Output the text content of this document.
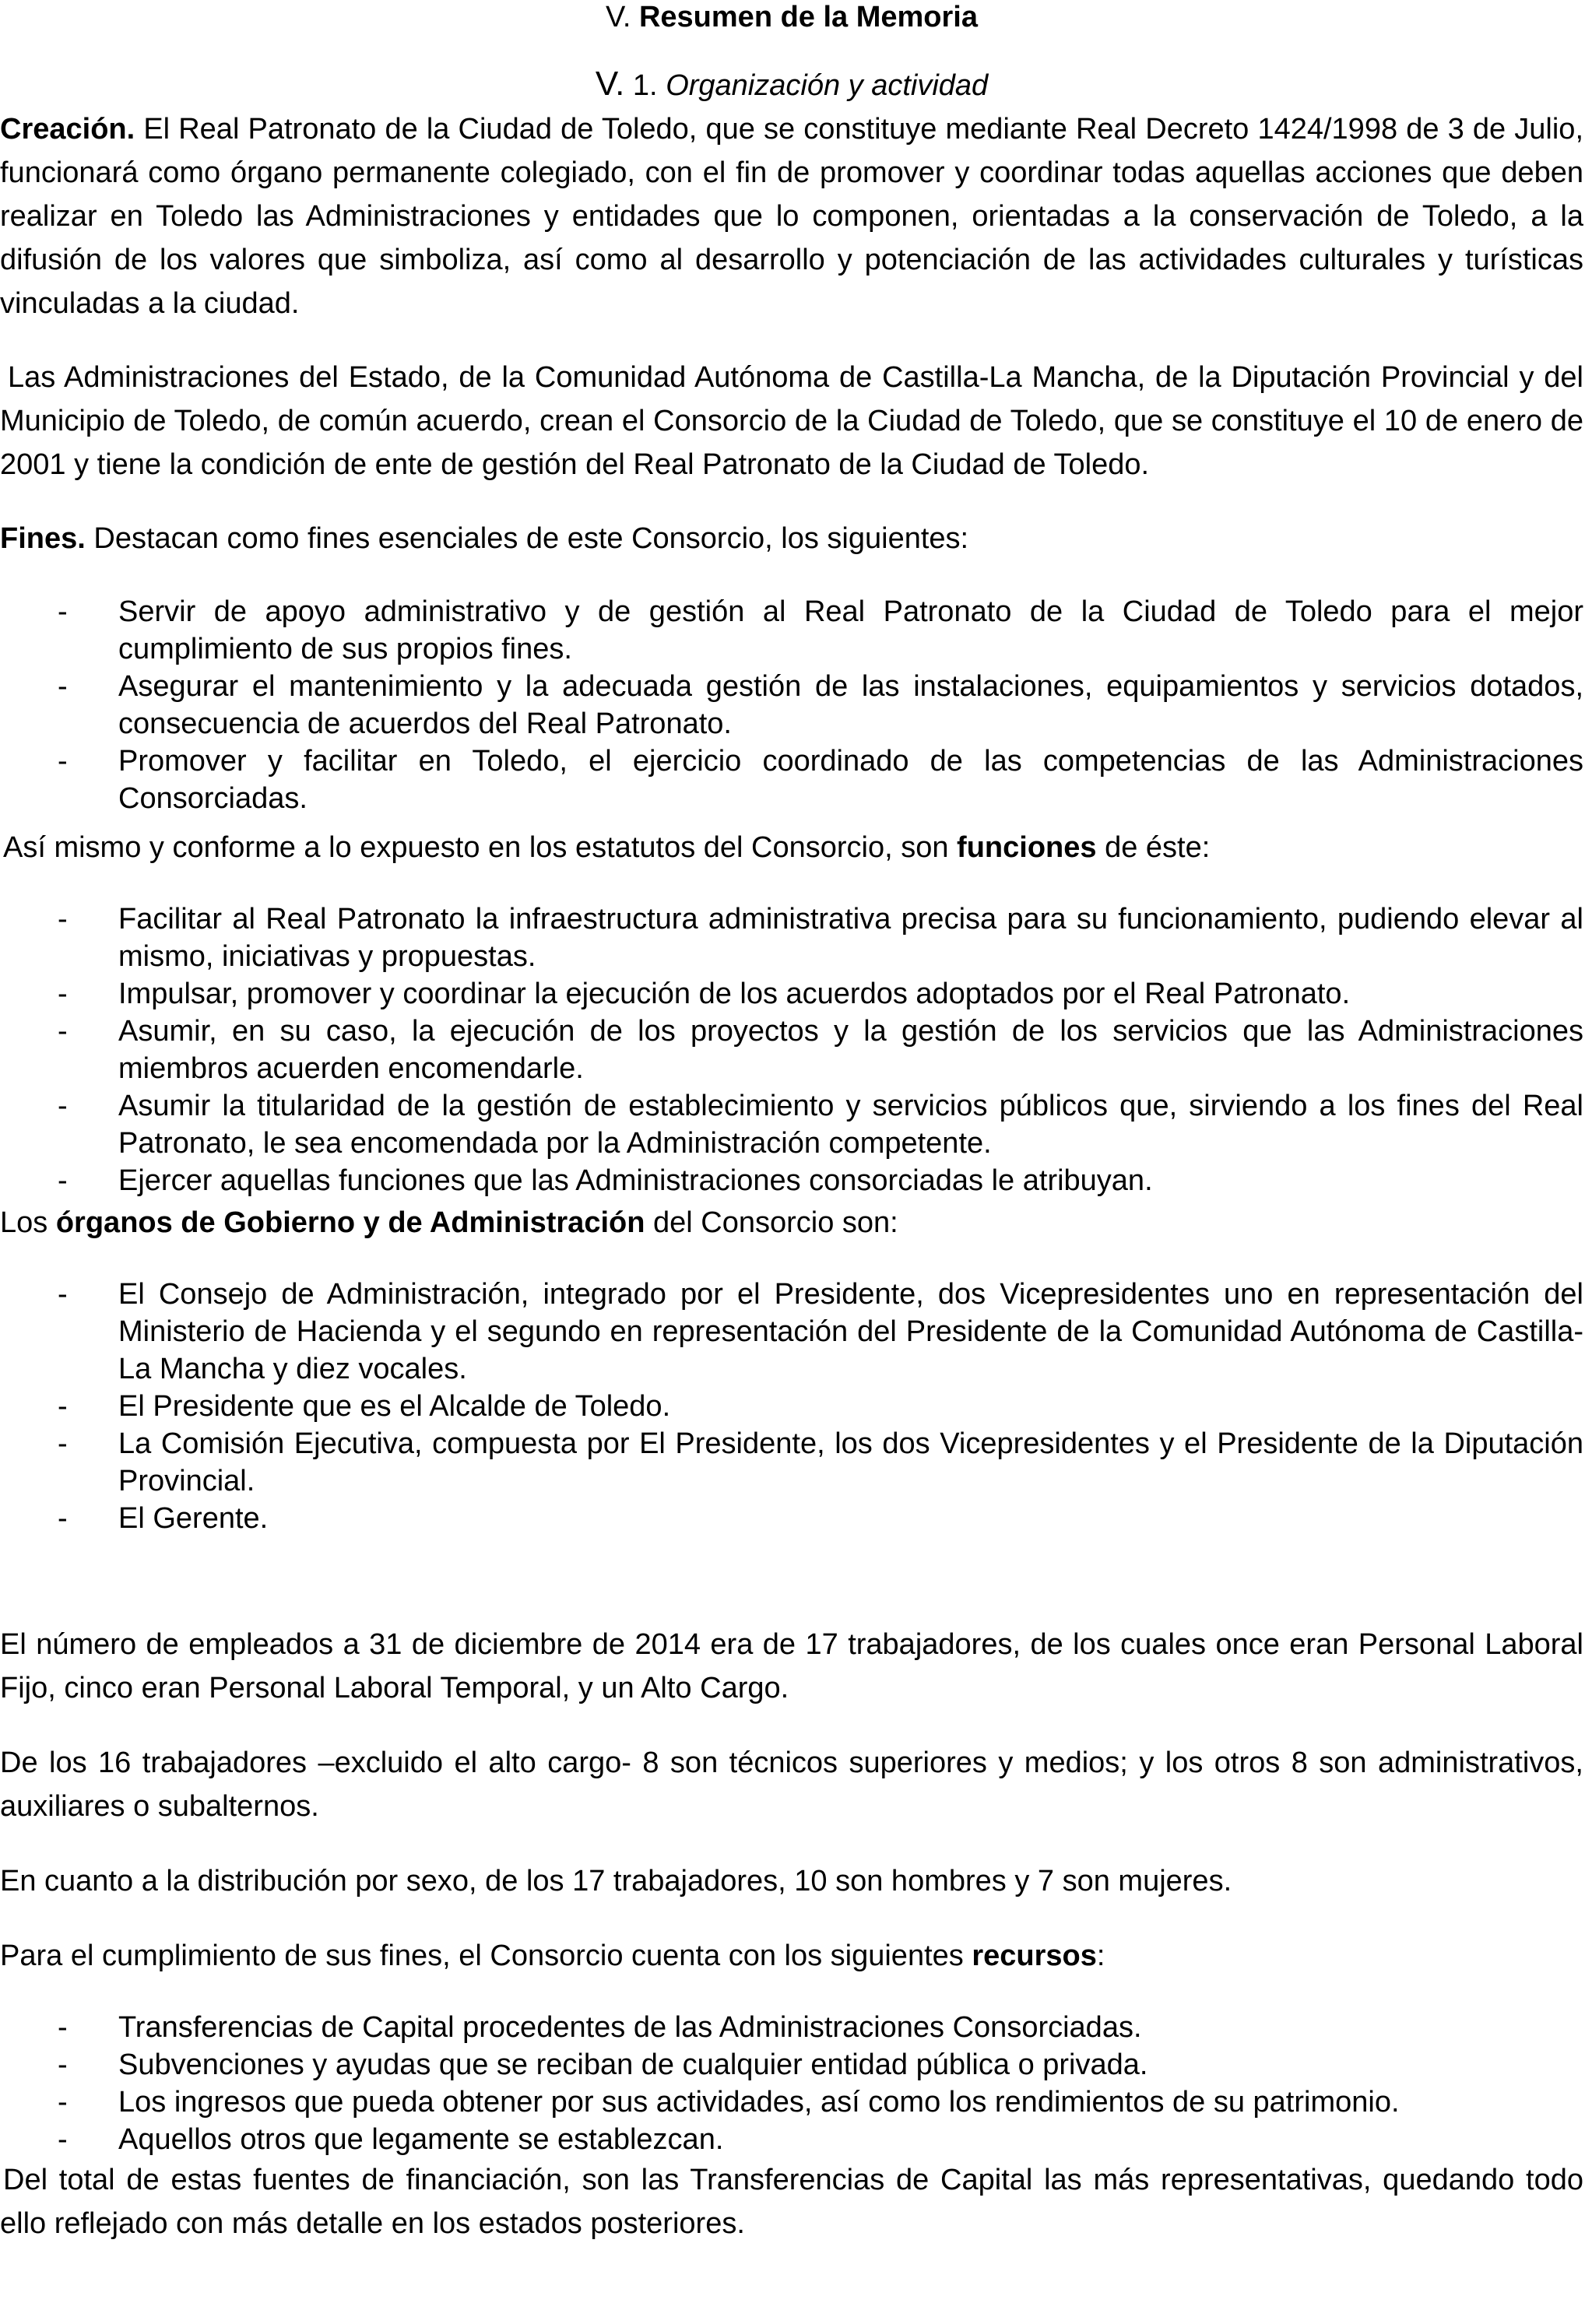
V. Resumen de la Memoria
V. 1. Organización y actividad

Creación. El Real Patronato de la Ciudad de Toledo, que se constituye mediante Real Decreto 1424/1998 de 3 de Julio, funcionará como órgano permanente colegiado, con el fin de promover y coordinar todas aquellas acciones que deben realizar en Toledo las Administraciones y entidades que lo componen, orientadas a la conservación de Toledo, a la difusión de los valores que simboliza, así como al desarrollo y potenciación de las actividades culturales y turísticas vinculadas a la ciudad.

Las Administraciones del Estado, de la Comunidad Autónoma de Castilla-La Mancha, de la Diputación Provincial y del Municipio de Toledo, de común acuerdo, crean el Consorcio de la Ciudad de Toledo, que se constituye el 10 de enero de 2001 y tiene la condición de ente de gestión del Real Patronato de la Ciudad de Toledo.

Fines. Destacan como fines esenciales de este Consorcio, los siguientes:

- Servir de apoyo administrativo y de gestión al Real Patronato de la Ciudad de Toledo para el mejor cumplimiento de sus propios fines.
- Asegurar el mantenimiento y la adecuada gestión de las instalaciones, equipamientos y servicios dotados, consecuencia de acuerdos del Real Patronato.
- Promover y facilitar en Toledo, el ejercicio coordinado de las competencias de las Administraciones Consorciadas.

Así mismo y conforme a lo expuesto en los estatutos del Consorcio, son funciones de éste:

- Facilitar al Real Patronato la infraestructura administrativa precisa para su funcionamiento, pudiendo elevar al mismo, iniciativas y propuestas.
- Impulsar, promover y coordinar la ejecución de los acuerdos adoptados por el Real Patronato.
- Asumir, en su caso, la ejecución de los proyectos y la gestión de los servicios que las Administraciones miembros acuerden encomendarle.
- Asumir la titularidad de la gestión de establecimiento y servicios públicos que, sirviendo a los fines del Real Patronato, le sea encomendada por la Administración competente.
- Ejercer aquellas funciones que las Administraciones consorciadas le atribuyan.

Los órganos de Gobierno y de Administración del Consorcio son:

- El Consejo de Administración, integrado por el Presidente, dos Vicepresidentes uno en representación del Ministerio de Hacienda y el segundo en representación del Presidente de la Comunidad Autónoma de Castilla-La Mancha y diez vocales.
- El Presidente que es el Alcalde de Toledo.
- La Comisión Ejecutiva, compuesta por El Presidente, los dos Vicepresidentes y el Presidente de la Diputación Provincial.
- El Gerente.

El número de empleados a 31 de diciembre de 2014 era de 17 trabajadores, de los cuales once eran Personal Laboral Fijo, cinco eran Personal Laboral Temporal, y un Alto Cargo.

De los 16 trabajadores –excluido el alto cargo- 8 son técnicos superiores y medios; y los otros 8 son administrativos, auxiliares o subalternos.

En cuanto a la distribución por sexo, de los 17 trabajadores, 10 son hombres y 7 son mujeres.

Para el cumplimiento de sus fines, el Consorcio cuenta con los siguientes recursos:

- Transferencias de Capital procedentes de las Administraciones Consorciadas.
- Subvenciones y ayudas que se reciban de cualquier entidad pública o privada.
- Los ingresos que pueda obtener por sus actividades, así como los rendimientos de su patrimonio.
- Aquellos otros que legamente se establezcan.

Del total de estas fuentes de financiación, son las Transferencias de Capital las más representativas, quedando todo ello reflejado con más detalle en los estados posteriores.
